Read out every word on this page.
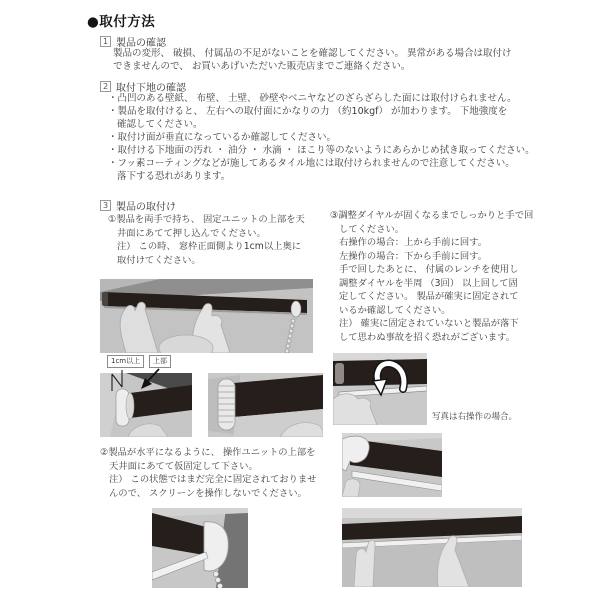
●取付方法
1 製品の確認
製品の変形、 破損、 付属品の不足がないことを確認してください。 異常がある場合は取付け
できませんので、 お買いあげいただいた販売店までご連絡ください。
2 取付下地の確認
・凸凹のある壁紙、 布壁、 土壁、 砂壁やベニヤなどのざらざらした面には取付けられません。
・製品を取付けると、 左右への取付面にかなりの力 （約10kgf） が加わります。 下地強度を
確認してください。
・取付け面が垂直になっているか確認してください。
・取付ける下地面の汚れ ・ 油分 ・ 水滴 ・ ほこり等のないようにあらかじめ拭き取ってください。
・フッ素コーティングなどが施してあるタイル地には取付けられませんので注意してください。
落下する恐れがあります。
3 製品の取付け
①製品を両手で持ち、 固定ユニットの上部を天
井面にあてて押し込んでください。
注） この時、 窓枠正面側より1cm以上奥に
取付けてください。
③調整ダイヤルが固くなるまでしっかりと手で回
してください。
右操作の場合：上から手前に回す。
左操作の場合：下から手前に回す。
手で回したあとに、 付属のレンチを使用し
調整ダイヤルを半周 （3回） 以上回して固
定してください。 製品が確実に固定されて
いるか確認してください。
注） 確実に固定されていないと製品が落下
して思わぬ事故を招く恐れがございます。
1cm以上	上部
②製品が水平になるように、 操作ユニットの上部を
天井面にあてて仮固定して下さい。
注） この状態ではまだ完全に固定されておりませ
んので、 スクリーンを操作しないでください。
写真は右操作の場合。
